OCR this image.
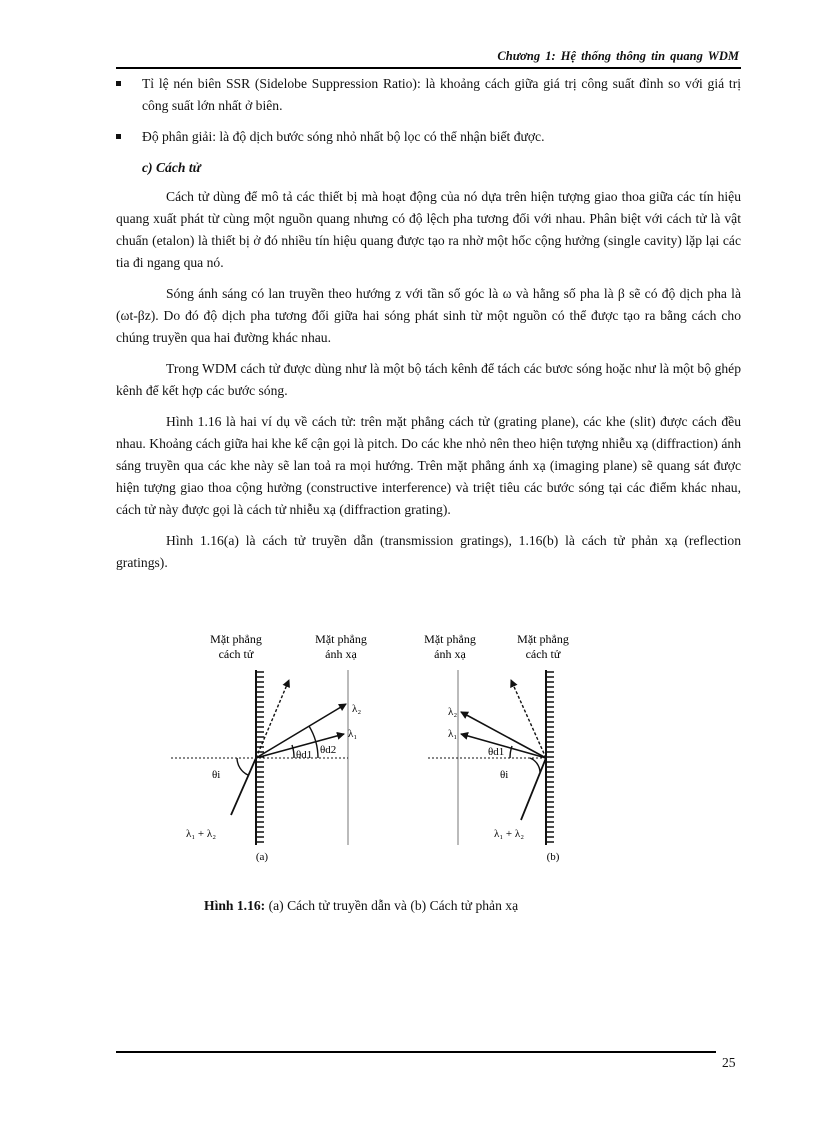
Chương 1: Hệ thống thông tin quang WDM
Tỉ lệ nén biên SSR (Sidelobe Suppression Ratio): là khoảng cách giữa giá trị công suất đỉnh so với giá trị công suất lớn nhất ở biên.
Độ phân giải: là độ dịch bước sóng nhỏ nhất bộ lọc có thể nhận biết được.
c) Cách tử

Cách tử dùng để mô tả các thiết bị mà hoạt động của nó dựa trên hiện tượng giao thoa giữa các tín hiệu quang xuất phát từ cùng một nguồn quang nhưng có độ lệch pha tương đối với nhau. Phân biệt với cách tử là vật chuẩn (etalon) là thiết bị ở đó nhiều tín hiệu quang được tạo ra nhờ một hốc cộng hưởng (single cavity) lặp lại các tia đi ngang qua nó.

Sóng ánh sáng có lan truyền theo hướng z với tần số góc là ω và hằng số pha là β sẽ có độ dịch pha là (ωt-βz). Do đó độ dịch pha tương đối giữa hai sóng phát sinh từ một nguồn có thể được tạo ra bằng cách cho chúng truyền qua hai đường khác nhau.

Trong WDM cách tử được dùng như là một bộ tách kênh để tách các bươc sóng hoặc như là một bộ ghép kênh để kết hợp các bước sóng.

Hình 1.16 là hai ví dụ về cách tử: trên mặt phẳng cách tử (grating plane), các khe (slit) được cách đều nhau. Khoảng cách giữa hai khe kế cận gọi là pitch. Do các khe nhỏ nên theo hiện tượng nhiễu xạ (diffraction) ánh sáng truyền qua các khe này sẽ lan toả ra mọi hướng. Trên mặt phẳng ánh xạ (imaging plane) sẽ quang sát được hiện tượng giao thoa cộng hưởng (constructive interference) và triệt tiêu các bước sóng tại các điểm khác nhau, cách tử này được gọi là cách tử nhiễu xạ (diffraction grating).

Hình 1.16(a) là cách tử truyền dẫn (transmission gratings), 1.16(b) là cách tử phản xạ (reflection gratings).

Mặt phẳng
cách tử
Mặt phẳng
ánh xạ
λ₂
λ₁
θd2
θd1
θi
λ₁ + λ₂
(a)
Mặt phẳng
ánh xạ
Mặt phẳng
cách tử
λ₂
λ₁
θd1
θi
λ₁ + λ₂
(b)
Hình 1.16: (a) Cách tử truyền dẫn và (b) Cách tử phản xạ
25
